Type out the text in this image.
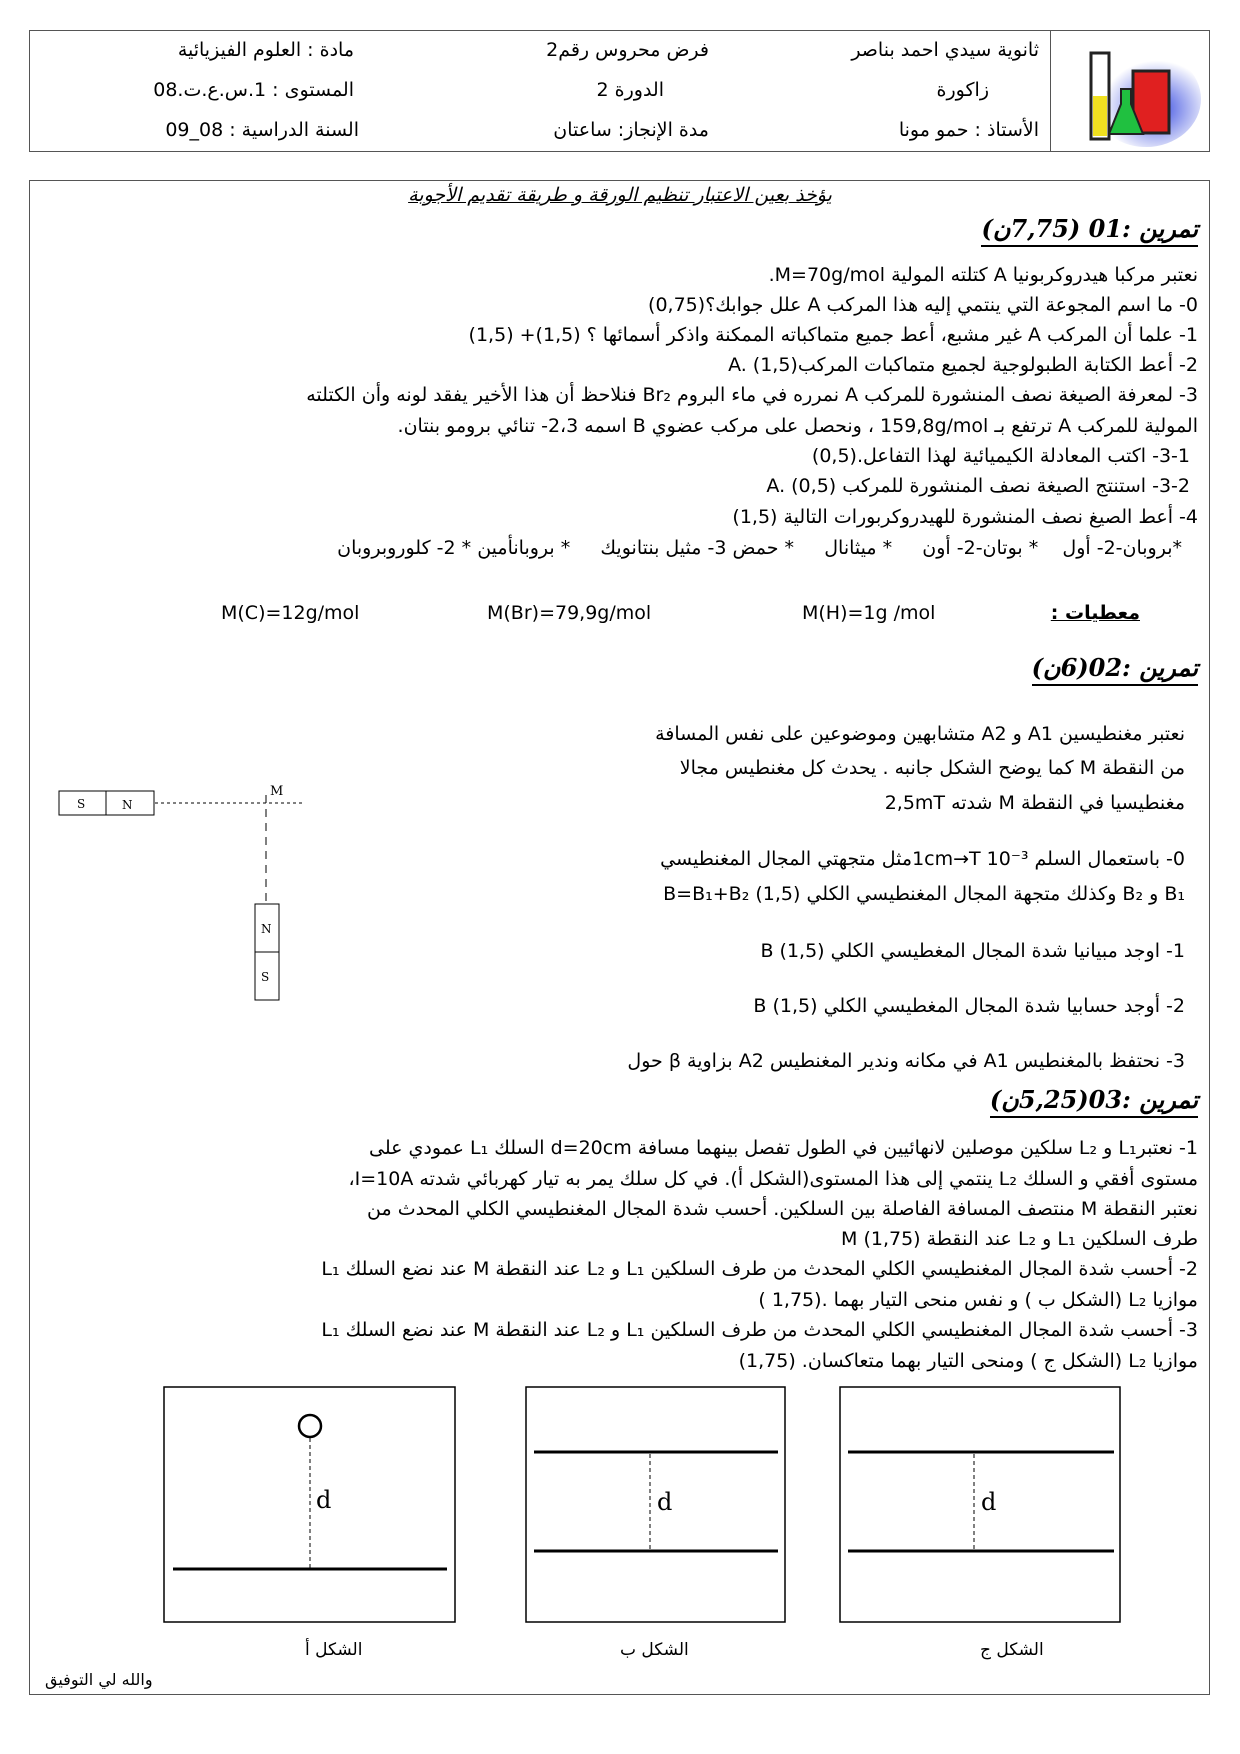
ثانوية سيدي احمد بناصر
زاكورة
الأستاذ : حمو مونا
فرض محروس رقم2
الدورة 2
مدة الإنجاز: ساعتان
مادة : العلوم الفيزيائية
المستوى : 1.س.ع.ت.08
السنة الدراسية : 08_09
يؤخذ بعين الاعتبار تنظيم الورقة و طريقة تقديم الأجوبة
تمرين :01 (7,75ن)
نعتبر مركبا هيدروكربونيا A كتلته المولية M=70g/mol.
0- ما اسم المجوعة التي ينتمي إليه هذا المركب A علل جوابك؟(0,75)
1- علما أن المركب A غير مشبع، أعط جميع متماكباته الممكنة واذكر أسمائها ؟ (1,5)+ (1,5)
2- أعط الكتابة الطبولوجية لجميع متماكبات المركبA. (1,5)
3- لمعرفة الصيغة نصف المنشورة للمركب A نمرره في ماء البروم Br₂ فنلاحظ أن هذا الأخير يفقد لونه وأن الكتلته
المولية للمركب A ترتفع بـ 159,8g/mol ، ونحصل على مركب عضوي B اسمه 2،3- تنائي برومو بنتان.
3-1- اكتب المعادلة الكيميائية لهذا التفاعل.(0,5)
3-2- استنتج الصيغة نصف المنشورة للمركب A. (0,5)
4- أعط الصيغ نصف المنشورة للهيدروكربورات التالية (1,5)
*بروبان-2- أول    * بوتان-2- أون     * ميثانال     * حمض 3- مثيل بنتانويك     * بروبانأمين * 2- كلوروبروبان
معطيات :
M(H)=1g /mol
M(Br)=79,9g/mol
M(C)=12g/mol
تمرين :02(6ن)
نعتبر مغنطيسين A1 و A2 متشابهين وموضوعين على نفس المسافة
من النقطة M كما يوضح الشكل جانبه . يحدث كل مغنطيس مجالا
مغنطيسيا في النقطة M شدته 2,5mT
0- باستعمال السلم 1cm→T 10⁻³مثل متجهتي المجال المغنطيسي
B₁ و B₂ وكذلك متجهة المجال المغنطيسي الكلي B=B₁+B₂ (1,5)
1- اوجد مبيانيا شدة المجال المغطيسي الكلي B (1,5)
2- أوجد حسابيا شدة المجال المغطيسي الكلي B (1,5)
3- نحتفظ بالمغنطيس A1 في مكانه وندير المغنطيس A2 بزاوية β حول
S	N
M
N
S
تمرين :03(5,25ن)
1- نعتبرL₁ و L₂ سلكين موصلين لانهائيين في الطول تفصل بينهما مسافة d=20cm السلك L₁ عمودي على
مستوى أفقي و السلك L₂ ينتمي إلى هذا المستوى(الشكل أ). في كل سلك يمر به تيار كهربائي شدته I=10A،
نعتبر النقطة M منتصف المسافة الفاصلة بين السلكين. أحسب شدة المجال المغنطيسي الكلي المحدث من
طرف السلكين L₁ و L₂ عند النقطة M (1,75)
2- أحسب شدة المجال المغنطيسي الكلي المحدث من طرف السلكين L₁ و L₂ عند النقطة M عند نضع السلك L₁
موازيا L₂ (الشكل ب ) و نفس منحى التيار بهما .(1,75 )
3- أحسب شدة المجال المغنطيسي الكلي المحدث من طرف السلكين L₁ و L₂ عند النقطة M عند نضع السلك L₁
موازيا L₂ (الشكل ج ) ومنحى التيار بهما متعاكسان. (1,75)
d	d	d
الشكل أ	الشكل ب	الشكل ج
والله لي التوفيق
